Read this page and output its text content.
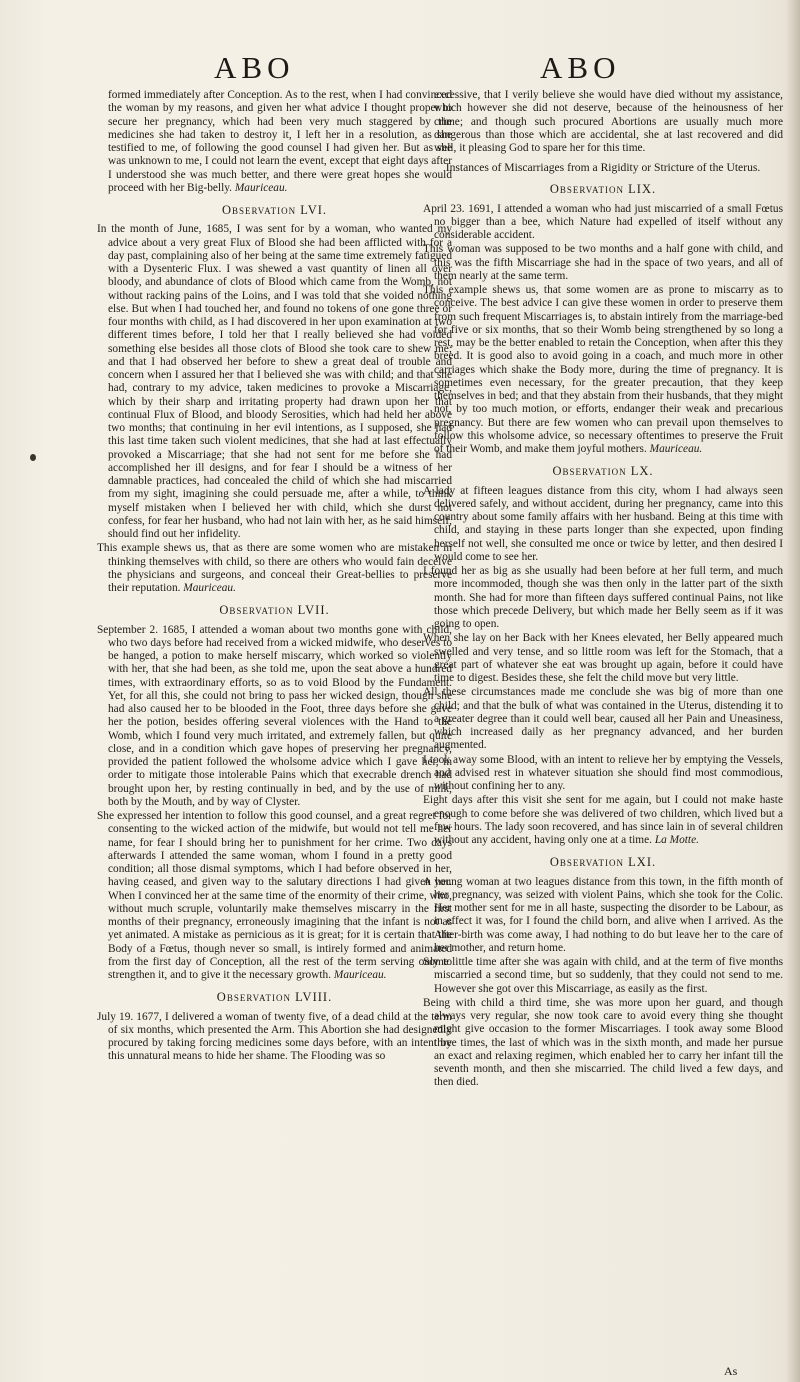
ABO	ABO

formed immediately after Conception. As to the rest, when I had convinced the woman by my reasons, and given her what advice I thought proper to secure her pregnancy, which had been very much staggered by the medicines she had taken to destroy it, I left her in a resolution, as she testified to me, of following the good counsel I had given her. But as she was unknown to me, I could not learn the event, except that eight days after I understood she was much better, and there were great hopes she would proceed with her Big-belly. Mauriceau.

Observation LVI.

In the month of June, 1685, I was sent for by a woman, who wanted my advice about a very great Flux of Blood she had been afflicted with for a day past, complaining also of her being at the same time extremely fatigued with a Dysenteric Flux. I was shewed a vast quantity of linen all over bloody, and abundance of clots of Blood which came from the Womb, not without racking pains of the Loins, and I was told that she voided nothing else. But when I had touched her, and found no tokens of one gone three or four months with child, as I had discovered in her upon examination at two different times before, I told her that I really believed she had voided something else besides all those clots of Blood she took care to shew me; and that I had observed her before to shew a great deal of trouble and concern when I assured her that I believed she was with child; and that she had, contrary to my advice, taken medicines to provoke a Miscarriage, which by their sharp and irritating property had drawn upon her that continual Flux of Blood, and bloody Serosities, which had held her above two months; that continuing in her evil intentions, as I supposed, she had this last time taken such violent medicines, that she had at last effectually provoked a Miscarriage; that she had not sent for me before she had accomplished her ill designs, and for fear I should be a witness of her damnable practices, had concealed the child of which she had miscarried from my sight, imagining she could persuade me, after a while, to think myself mistaken when I believed her with child, which she durst not confess, for fear her husband, who had not lain with her, as he said himself, should find out her infidelity.

This example shews us, that as there are some women who are mistaken in thinking themselves with child, so there are others who would fain deceive the physicians and surgeons, and conceal their Great-bellies to preserve their reputation. Mauriceau.

Observation LVII.

September 2. 1685, I attended a woman about two months gone with child, who two days before had received from a wicked midwife, who deserves to be hanged, a potion to make herself miscarry, which worked so violently with her, that she had been, as she told me, upon the seat above a hundred times, with extraordinary efforts, so as to void Blood by the Fundament. Yet, for all this, she could not bring to pass her wicked design, though she had also caused her to be blooded in the Foot, three days before she gave her the potion, besides offering several violences with the Hand to the Womb, which I found very much irritated, and extremely fallen, but quite close, and in a condition which gave hopes of preserving her pregnancy, provided the patient followed the wholsome advice which I gave her, in order to mitigate those intolerable Pains which that execrable drench had brought upon her, by resting continually in bed, and by the use of milk, both by the Mouth, and by way of Clyster.

She expressed her intention to follow this good counsel, and a great regret for consenting to the wicked action of the midwife, but would not tell me her name, for fear I should bring her to punishment for her crime. Two days afterwards I attended the same woman, whom I found in a pretty good condition; all those dismal symptoms, which I had before observed in her, having ceased, and given way to the salutary directions I had given her. When I convinced her at the same time of the enormity of their crime, who, without much scruple, voluntarily make themselves miscarry in the first months of their pregnancy, erroneously imagining that the infant is not as yet animated. A mistake as pernicious as it is great; for it is certain that the Body of a Fœtus, though never so small, is intirely formed and animated from the first day of Conception, all the rest of the term serving only to strengthen it, and to give it the necessary growth. Mauriceau.

Observation LVIII.

July 19. 1677, I delivered a woman of twenty five, of a dead child at the term of six months, which presented the Arm. This Abortion she had designedly procured by taking forcing medicines some days before, with an intent by this unnatural means to hide her shame. The Flooding was so

excessive, that I verily believe she would have died without my assistance, which however she did not deserve, because of the heinousness of her crime; and though such procured Abortions are usually much more dangerous than those which are accidental, she at last recovered and did well, it pleasing God to spare her for this time.

Instances of Miscarriages from a Rigidity or Stricture of the Uterus.
Observation LIX.

April 23. 1691, I attended a woman who had just miscarried of a small Fœtus no bigger than a bee, which Nature had expelled of itself without any considerable accident.

This woman was supposed to be two months and a half gone with child, and this was the fifth Miscarriage she had in the space of two years, and all of them nearly at the same term.

This example shews us, that some women are as prone to miscarry as to conceive. The best advice I can give these women in order to preserve them from such frequent Miscarriages is, to abstain intirely from the marriage-bed for five or six months, that so their Womb being strengthened by so long a rest, may be the better enabled to retain the Conception, when after this they breed. It is good also to avoid going in a coach, and much more in other carriages which shake the Body more, during the time of pregnancy. It is sometimes even necessary, for the greater precaution, that they keep themselves in bed; and that they abstain from their husbands, that they might not, by too much motion, or efforts, endanger their weak and precarious pregnancy. But there are few women who can prevail upon themselves to follow this wholsome advice, so necessary oftentimes to preserve the Fruit of their Womb, and make them joyful mothers. Mauriceau.

Observation LX.

A lady at fifteen leagues distance from this city, whom I had always seen delivered safely, and without accident, during her pregnancy, came into this country about some family affairs with her husband. Being at this time with child, and staying in these parts longer than she expected, upon finding herself not well, she consulted me once or twice by letter, and then desired I would come to see her.

I found her as big as she usually had been before at her full term, and much more incommoded, though she was then only in the latter part of the sixth month. She had for more than fifteen days suffered continual Pains, not like those which precede Delivery, but which made her Belly seem as if it was going to open.

When she lay on her Back with her Knees elevated, her Belly appeared much swelled and very tense, and so little room was left for the Stomach, that a great part of whatever she eat was brought up again, before it could have time to digest. Besides these, she felt the child move but very little.

All these circumstances made me conclude she was big of more than one child; and that the bulk of what was contained in the Uterus, distending it to a greater degree than it could well bear, caused all her Pain and Uneasiness, which increased daily as her pregnancy advanced, and her burden augmented.

I took away some Blood, with an intent to relieve her by emptying the Vessels, and advised rest in whatever situation she should find most commodious, without confining her to any.

Eight days after this visit she sent for me again, but I could not make haste enough to come before she was delivered of two children, which lived but a few hours. The lady soon recovered, and has since lain in of several children without any accident, having only one at a time. La Motte.

Observation LXI.

A young woman at two leagues distance from this town, in the fifth month of her pregnancy, was seized with violent Pains, which she took for the Colic. Her mother sent for me in all haste, suspecting the disorder to be Labour, as in effect it was, for I found the child born, and alive when I arrived. As the After-birth was come away, I had nothing to do but leave her to the care of her mother, and return home.

Some little time after she was again with child, and at the term of five months miscarried a second time, but so suddenly, that they could not send to me. However she got over this Miscarriage, as easily as the first.

Being with child a third time, she was more upon her guard, and though always very regular, she now took care to avoid every thing she thought might give occasion to the former Miscarriages. I took away some Blood three times, the last of which was in the sixth month, and made her pursue an exact and relaxing regimen, which enabled her to carry her infant till the seventh month, and then she miscarried. The child lived a few days, and then died.

As
